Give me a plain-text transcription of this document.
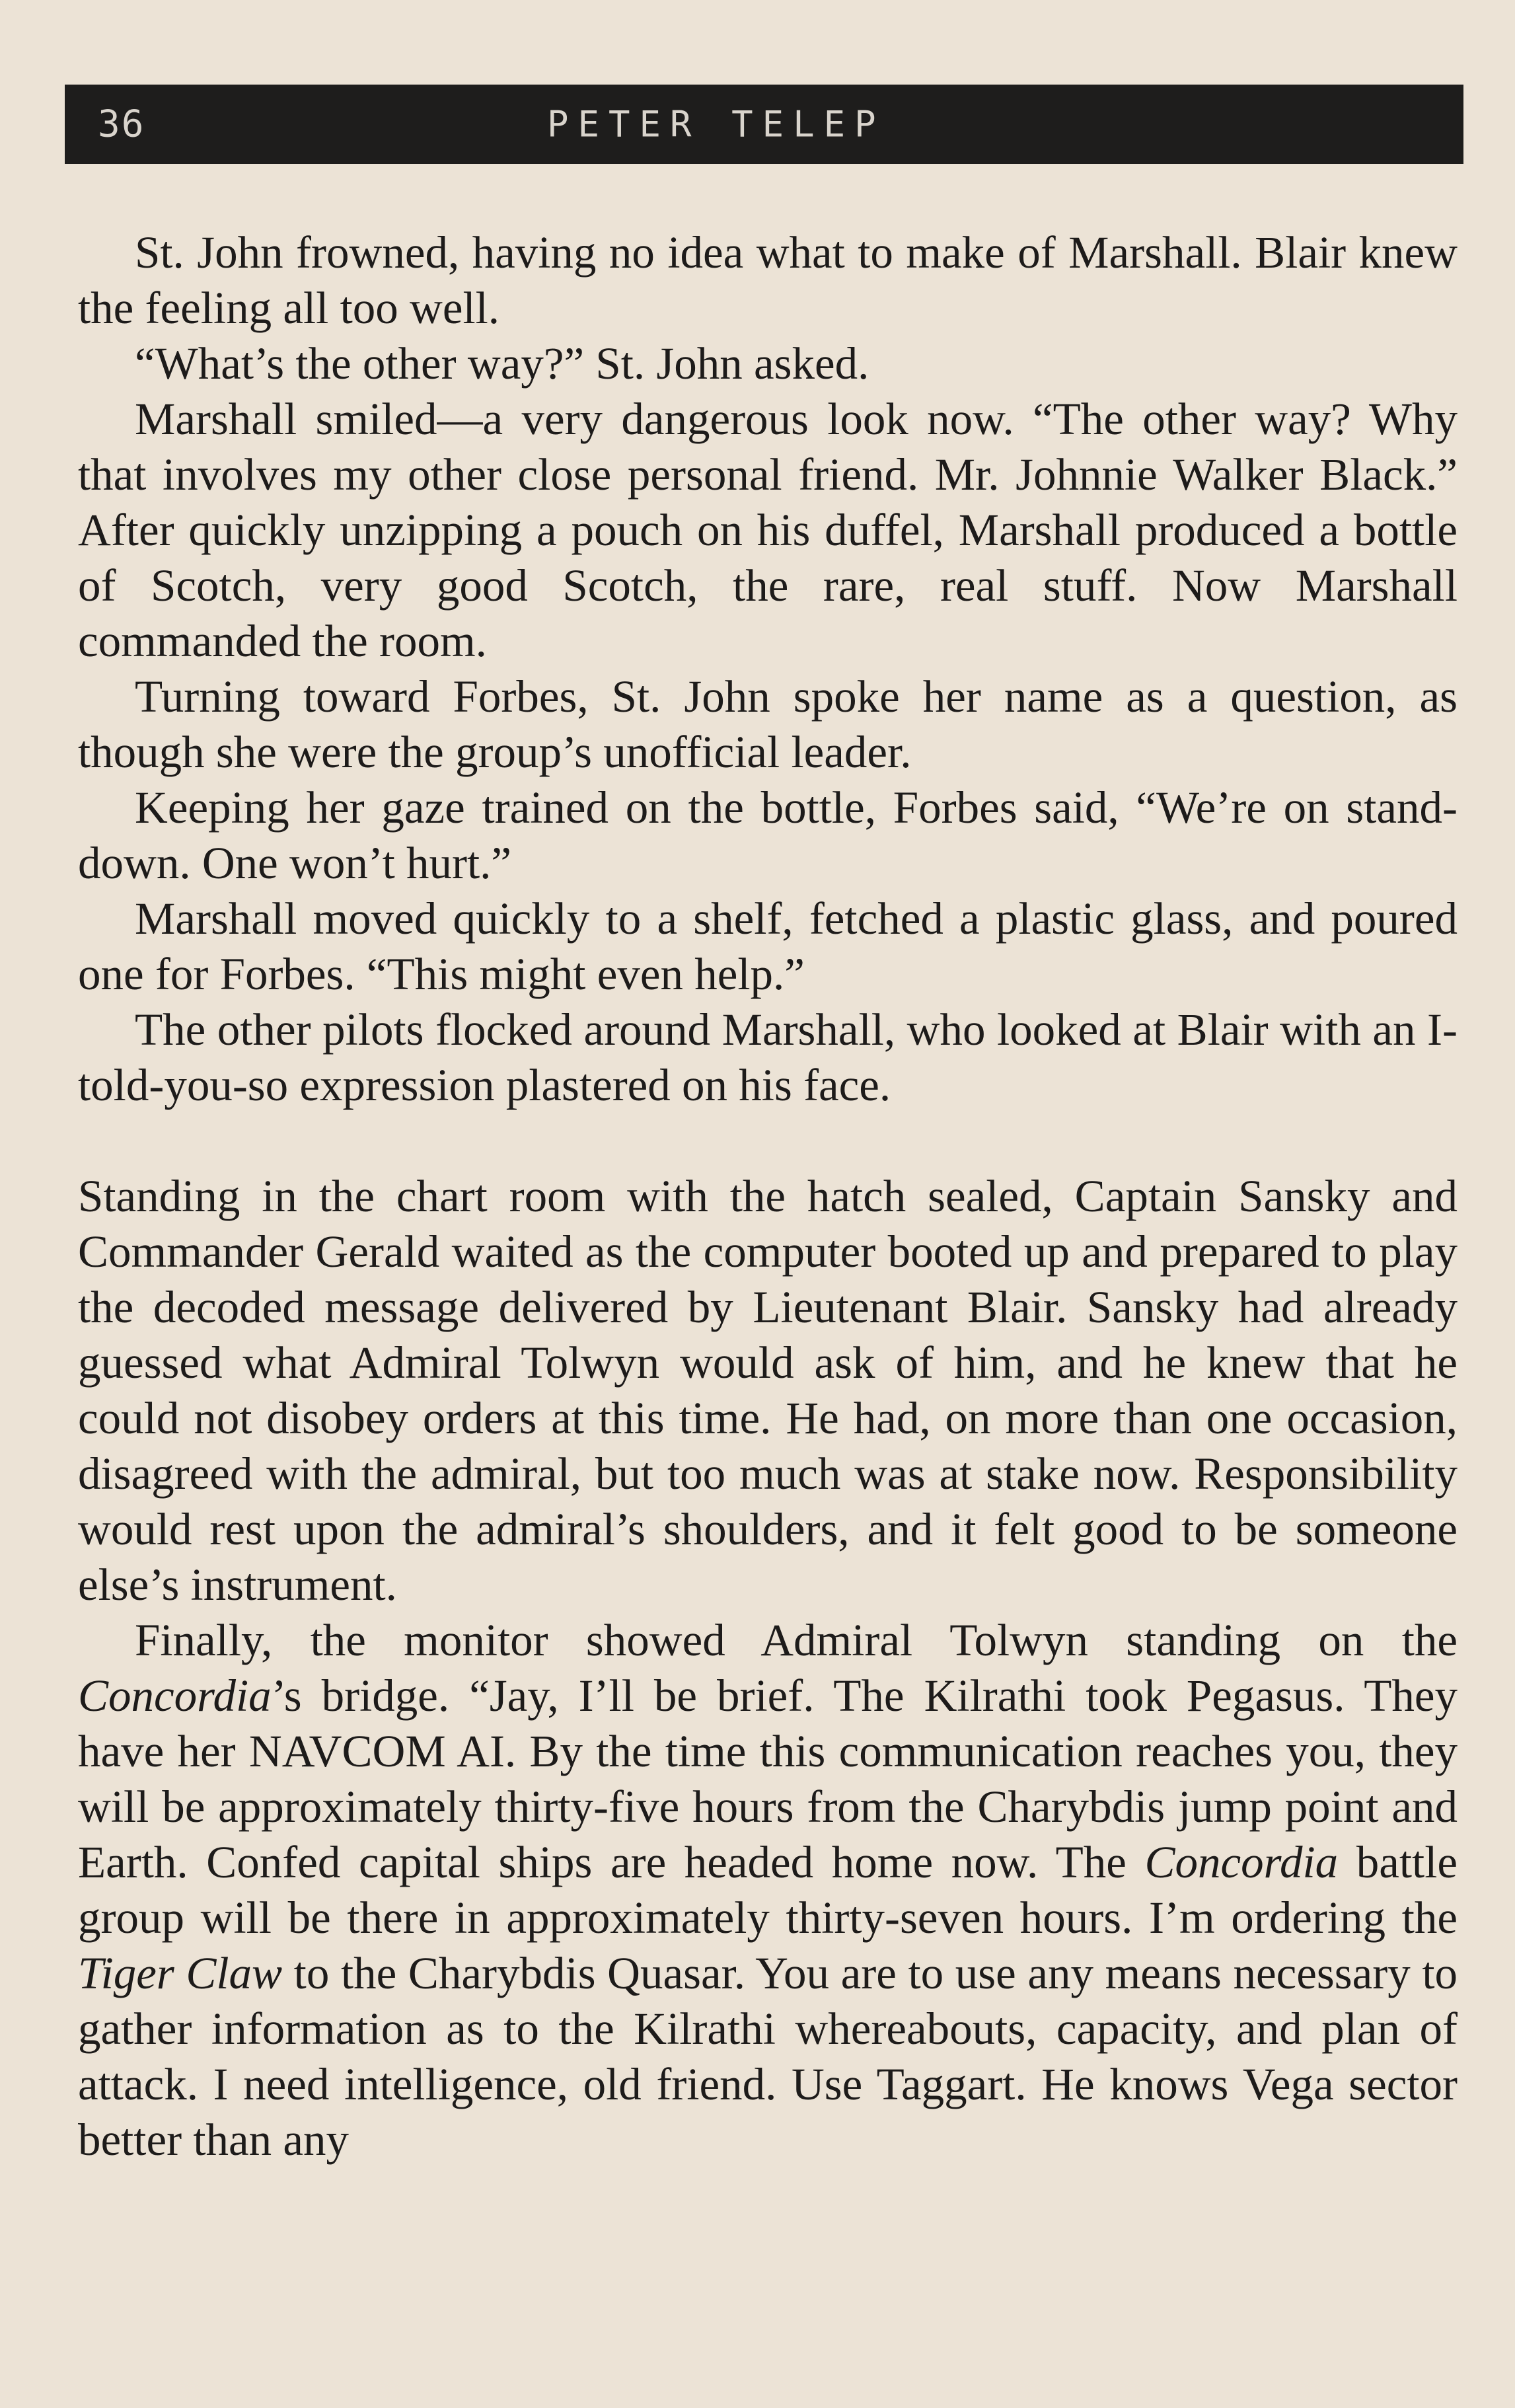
36	PETER TELEP

St. John frowned, having no idea what to make of Marshall. Blair knew the feeling all too well.

“What’s the other way?” St. John asked.

Marshall smiled—a very dangerous look now. “The other way? Why that involves my other close personal friend. Mr. Johnnie Walker Black.” After quickly unzipping a pouch on his duffel, Marshall produced a bottle of Scotch, very good Scotch, the rare, real stuff. Now Marshall commanded the room.

Turning toward Forbes, St. John spoke her name as a question, as though she were the group’s unofficial leader.

Keeping her gaze trained on the bottle, Forbes said, “We’re on stand-down. One won’t hurt.”

Marshall moved quickly to a shelf, fetched a plastic glass, and poured one for Forbes. “This might even help.”

The other pilots flocked around Marshall, who looked at Blair with an I-told-you-so expression plastered on his face.

Standing in the chart room with the hatch sealed, Captain Sansky and Commander Gerald waited as the computer booted up and prepared to play the decoded message delivered by Lieutenant Blair. Sansky had already guessed what Admiral Tolwyn would ask of him, and he knew that he could not disobey orders at this time. He had, on more than one occasion, disagreed with the admiral, but too much was at stake now. Responsibility would rest upon the admiral’s shoulders, and it felt good to be someone else’s instrument.

Finally, the monitor showed Admiral Tolwyn standing on the Concordia’s bridge. “Jay, I’ll be brief. The Kilrathi took Pegasus. They have her NAVCOM AI. By the time this communication reaches you, they will be approximately thirty-five hours from the Charybdis jump point and Earth. Confed capital ships are headed home now. The Concordia battle group will be there in approximately thirty-seven hours. I’m ordering the Tiger Claw to the Charybdis Quasar. You are to use any means necessary to gather information as to the Kilrathi whereabouts, capacity, and plan of attack. I need intelligence, old friend. Use Taggart. He knows Vega sector better than any
